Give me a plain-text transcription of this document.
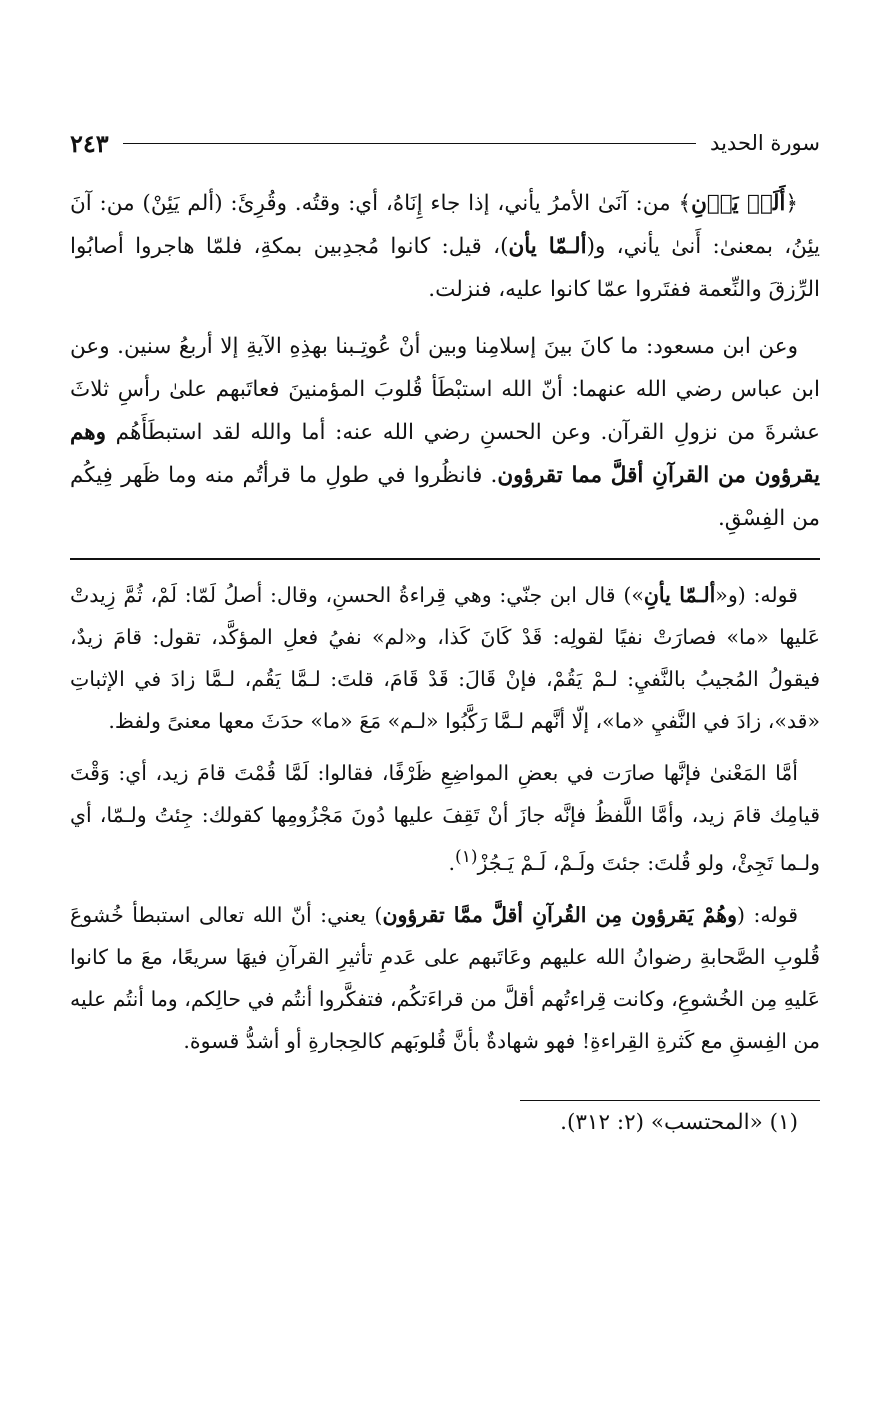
سورة الحديد
٢٤٣

﴿أَلَمۡ يَأۡنِ﴾ من: آنَىٰ الأمرُ يأني، إذا جاء إِنَاهُ، أي: وقتُه. وقُرِئَ: (ألم يَئِنْ) من: آنَ يئِنُ، بمعنىٰ: أَنىٰ يأني، و(ألـمّا يأن)، قيل: كانوا مُجدِبين بمكةِ، فلمّا هاجروا أصابُوا الرِّزقَ والنِّعمة ففتَروا عمّا كانوا عليه، فنزلت.

وعن ابن مسعود: ما كانَ بينَ إسلامِنا وبين أنْ عُوتِـبنا بهذِهِ الآيةِ إلا أربعُ سنين. وعن ابن عباس رضي الله عنهما: أنّ الله استبْطَأ قُلوبَ المؤمنينَ فعاتَبهم علىٰ رأسِ ثلاثَ عشرةَ من نزولِ القرآن. وعن الحسنِ رضي الله عنه: أما والله لقد استبطَأَهُم وهم يقرؤون من القرآنِ أقلَّ مما تقرؤون. فانظُروا في طولِ ما قرأتُم منه وما ظَهر فِيكُم من الفِسْقِ.

قوله: (و«ألـمّا يأنِ») قال ابن جنّي: وهي قِراءةُ الحسنِ، وقال: أصلُ لَمّا: لَمْ، ثُمَّ زِيدتْ عَليها «ما» فصارَتْ نفيًا لقولِه: قَدْ كَانَ كَذا، و«لم» نفيُ فعلِ المؤكَّد، تقول: قامَ زيدٌ، فيقولُ المُجيبُ بالنَّفيِ: لـمْ يَقُمْ، فإنْ قَالَ: قَدْ قَامَ، قلتَ: لـمَّا يَقُم، لـمَّا زادَ في الإثباتِ «قد»، زادَ في النَّفيِ «ما»، إلّا أنَّهم لـمَّا رَكَّبُوا «لـم» مَعَ «ما» حدَثَ معها معنىً ولفظ.

أمَّا المَعْنىٰ فإنَّها صارَت في بعضِ المواضِعِ ظَرْفًا، فقالوا: لَمَّا قُمْتَ قامَ زيد، أي: وَقْتَ قيامِك قامَ زيد، وأمَّا اللَّفظُ فإنَّه جازَ أنْ تَقِفَ عليها دُونَ مَجْزُومِها كقولك: جِئتُ ولـمّا، أي ولـما تَجِئْ، ولو قُلتَ: جئتَ ولَـمْ، لَـمْ يَـجُزْ$^{(١)}$.

قوله: (وهُمْ يَقرؤون مِن القُرآنِ أقلَّ ممَّا تقرؤون) يعني: أنّ الله تعالى استبطأ خُشوعَ قُلوبِ الصَّحابةِ رضوانُ الله عليهم وعَاتَبهم على عَدمِ تأثيرِ القرآنِ فيهَا سريعًا، معَ ما كانوا عَليهِ مِن الخُشوعِ، وكانت قِراءتُهم أقلَّ من قراءَتكُم، فتفكَّروا أنتُم في حالِكم، وما أنتُم عليه من الفِسقِ مع كَثرةِ القِراءةِ! فهو شهادةٌ بأنَّ قُلوبَهم كالحِجارةِ أو أشدُّ قسوة.

(١) «المحتسب» (٢: ٣١٢).
